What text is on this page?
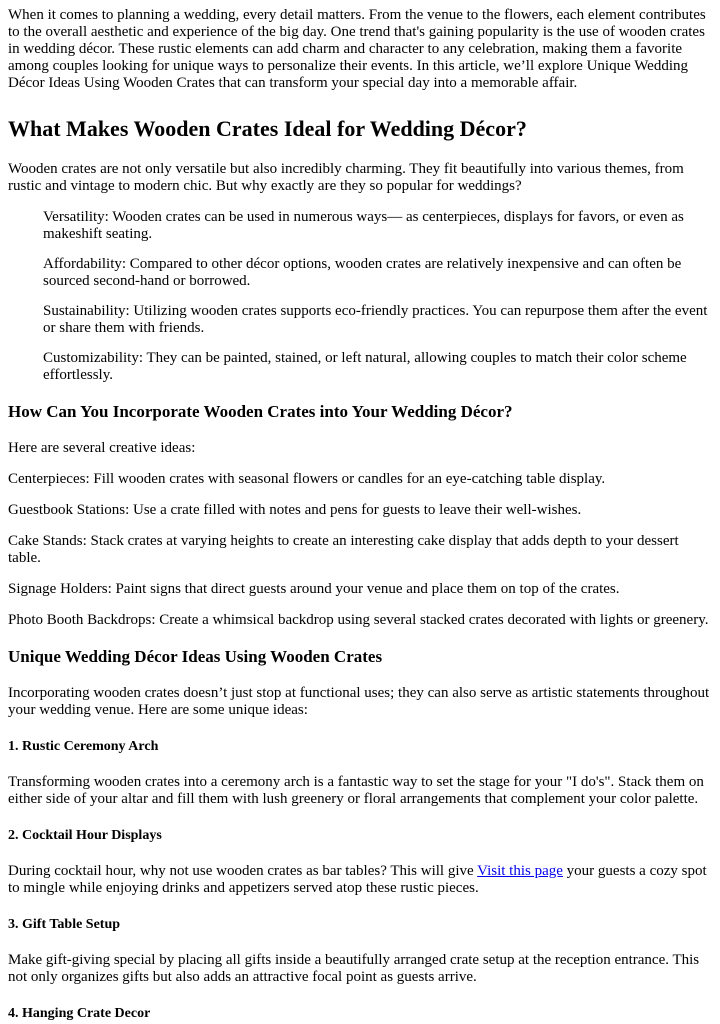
When it comes to planning a wedding, every detail matters. From the venue to the flowers, each element contributes to the overall aesthetic and experience of the big day. One trend that's gaining popularity is the use of wooden crates in wedding décor. These rustic elements can add charm and character to any celebration, making them a favorite among couples looking for unique ways to personalize their events. In this article, we’ll explore Unique Wedding Décor Ideas Using Wooden Crates that can transform your special day into a memorable affair.

What Makes Wooden Crates Ideal for Wedding Décor?

Wooden crates are not only versatile but also incredibly charming. They fit beautifully into various themes, from rustic and vintage to modern chic. But why exactly are they so popular for weddings?

Versatility: Wooden crates can be used in numerous ways— as centerpieces, displays for favors, or even as makeshift seating.
Affordability: Compared to other décor options, wooden crates are relatively inexpensive and can often be sourced second-hand or borrowed.
Sustainability: Utilizing wooden crates supports eco-friendly practices. You can repurpose them after the event or share them with friends.
Customizability: They can be painted, stained, or left natural, allowing couples to match their color scheme effortlessly.
How Can You Incorporate Wooden Crates into Your Wedding Décor?

Here are several creative ideas:

Centerpieces: Fill wooden crates with seasonal flowers or candles for an eye-catching table display.

Guestbook Stations: Use a crate filled with notes and pens for guests to leave their well-wishes.

Cake Stands: Stack crates at varying heights to create an interesting cake display that adds depth to your dessert table.

Signage Holders: Paint signs that direct guests around your venue and place them on top of the crates.

Photo Booth Backdrops: Create a whimsical backdrop using several stacked crates decorated with lights or greenery.

Unique Wedding Décor Ideas Using Wooden Crates

Incorporating wooden crates doesn’t just stop at functional uses; they can also serve as artistic statements throughout your wedding venue. Here are some unique ideas:

1. Rustic Ceremony Arch

Transforming wooden crates into a ceremony arch is a fantastic way to set the stage for your "I do's". Stack them on either side of your altar and fill them with lush greenery or floral arrangements that complement your color palette.

2. Cocktail Hour Displays

During cocktail hour, why not use wooden crates as bar tables? This will give Visit this page your guests a cozy spot to mingle while enjoying drinks and appetizers served atop these rustic pieces.

3. Gift Table Setup

Make gift-giving special by placing all gifts inside a beautifully arranged crate setup at the reception entrance. This not only organizes gifts but also adds an attractive focal point as guests arrive.

4. Hanging Crate Decor
